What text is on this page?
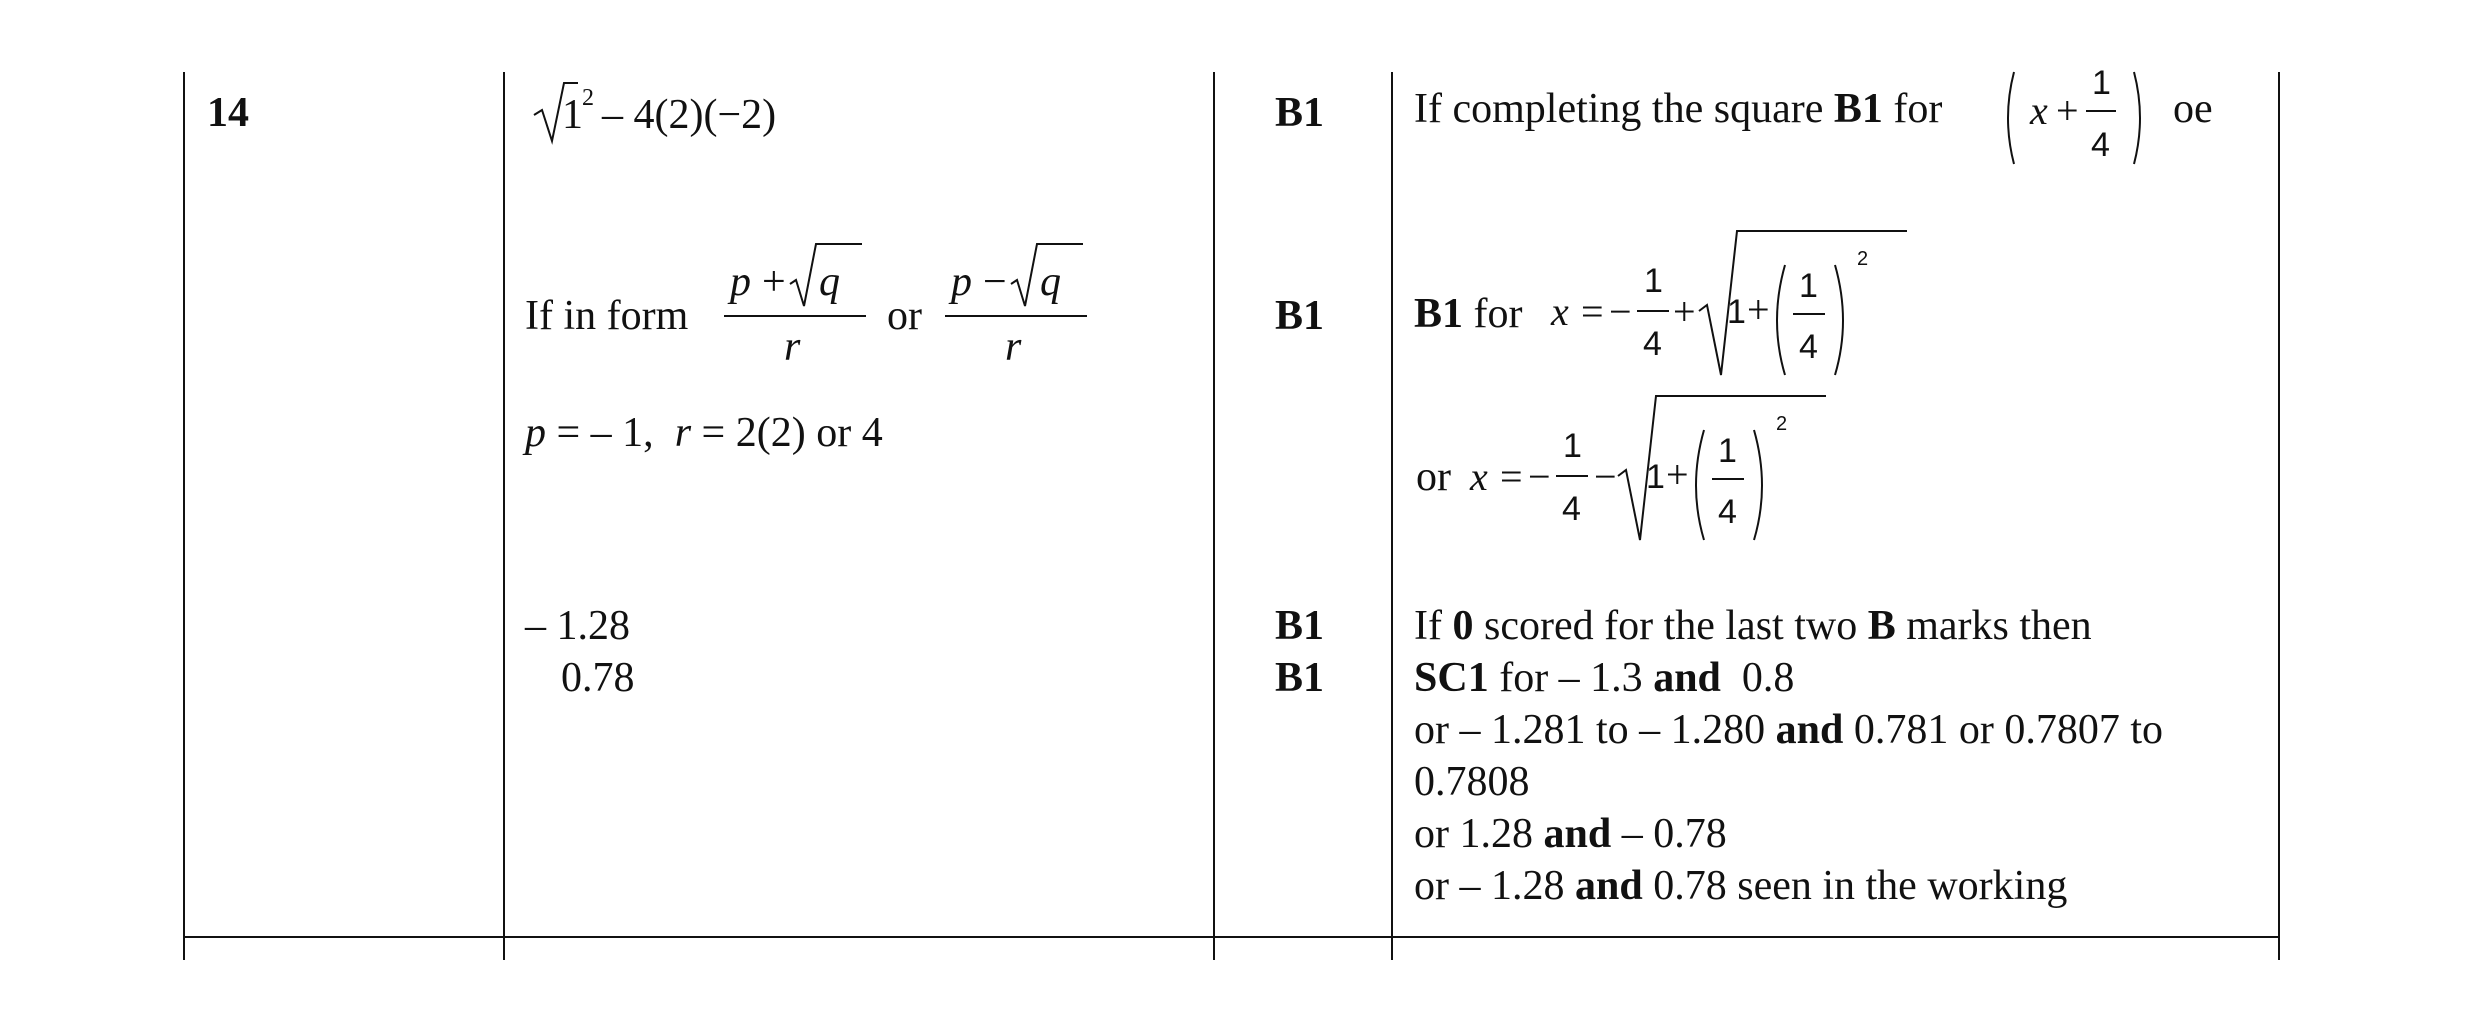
14	1 2 – 4(2)(−2)
If in form
p + q
r
or
p − q
r
p = – 1, r = 2(2) or 4
– 1.28
0.78
B1
B1
B1
B1
If completing the square B1 for x +
1
4
oe
B1 for x = −
1
4
+ 1 +
1
4
2
or x = −
1
4
− 1 +
1
4
2
If 0 scored for the last two B marks then
SC1 for – 1.3 and  0.8
or – 1.281 to – 1.280 and 0.781 or 0.7807 to
0.7808
or 1.28 and – 0.78
or – 1.28 and 0.78 seen in the working
